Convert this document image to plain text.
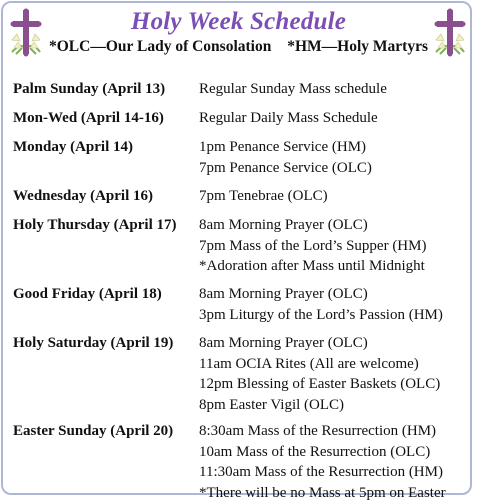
Holy Week Schedule
*OLC—Our Lady of Consolation *HM—Holy Martyrs
Palm Sunday (April 13) Regular Sunday Mass schedule
Mon-Wed (April 14-16) Regular Daily Mass Schedule
Monday (April 14)	1pm Penance Service (HM)
7pm Penance Service (OLC)
Wednesday (April 16)	7pm Tenebrae (OLC)
Holy Thursday (April 17) 8am Morning Prayer (OLC)
7pm Mass of the Lord’s Supper (HM)
*Adoration after Mass until Midnight
Good Friday (April 18) 8am Morning Prayer (OLC)
3pm Liturgy of the Lord’s Passion (HM)
Holy Saturday (April 19) 8am Morning Prayer (OLC)
11am OCIA Rites (All are welcome)
12pm Blessing of Easter Baskets (OLC)
8pm Easter Vigil (OLC)
Easter Sunday (April 20) 8:30am Mass of the Resurrection (HM)
10am Mass of the Resurrection (OLC)
11:30am Mass of the Resurrection (HM)
*There will be no Mass at 5pm on Easter
